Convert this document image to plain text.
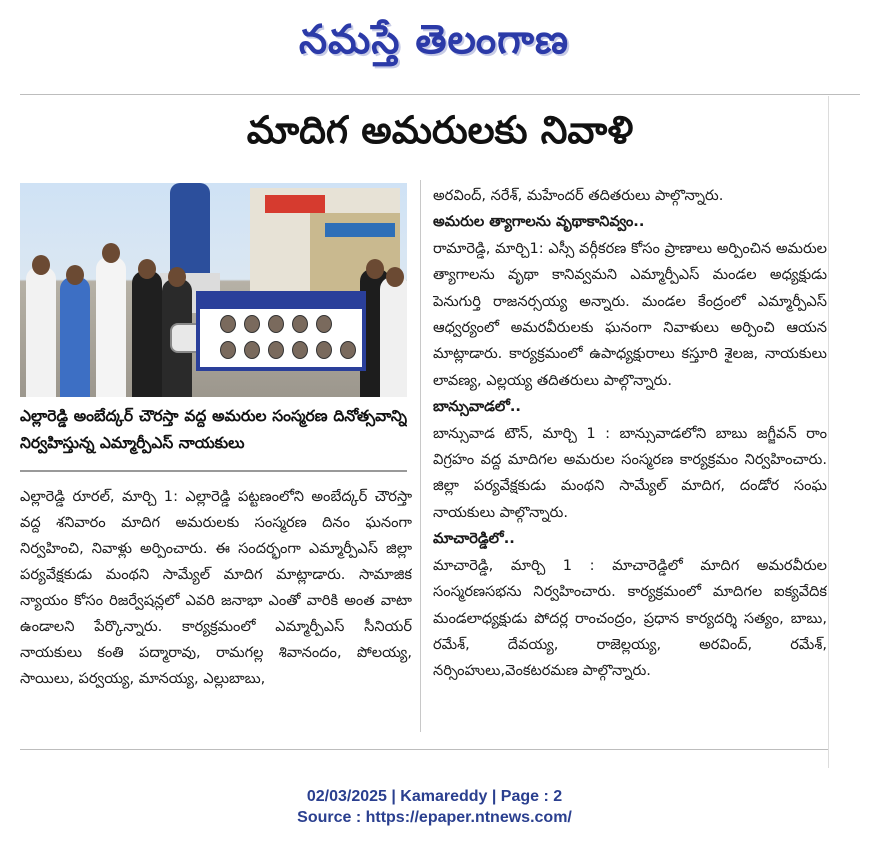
నమస్తే తెలంగాణ
మాదిగ అమరులకు నివాళి
ఎల్లారెడ్డి అంబేద్కర్ చౌరస్తా వద్ద అమరుల సంస్మరణ దినోత్సవాన్ని నిర్వహిస్తున్న ఎమ్మార్పీఎస్ నాయకులు

ఎల్లారెడ్డి రూరల్, మార్చి 1: ఎల్లారెడ్డి పట్టణంలోని అంబేద్కర్ చౌరస్తా వద్ద శనివారం మాదిగ అమరులకు సంస్మరణ దినం ఘనంగా నిర్వహించి, నివాళ్లు అర్పించారు. ఈ సందర్భంగా ఎమ్మార్పీఎస్ జిల్లా పర్యవేక్షకుడు మంథని సామ్యేల్ మాదిగ మాట్లాడారు. సామాజిక న్యాయం కోసం రిజర్వేషన్లలో ఎవరి జనాభా ఎంతో వారికి అంత వాటా ఉండాలని పేర్కొన్నారు. కార్యక్రమంలో ఎమ్మార్పీఎస్ సీనియర్ నాయకులు కంతి పద్మారావు, రామగల్ల శివానందం, పోలయ్య, సాయిలు, పర్వయ్య, మానయ్య, ఎల్లుబాబు,

అరవింద్, నరేశ్, మహేందర్ తదితరులు పాల్గొన్నారు.

అమరుల త్యాగాలను వృథాకానివ్వం..

రామారెడ్డి, మార్చి1: ఎస్సీ వర్గీకరణ కోసం ప్రాణాలు అర్పించిన అమరుల త్యాగాలను వృథా కానివ్వమని ఎమ్మార్పీఎస్ మండల అధ్యక్షుడు పెనుగుర్తి రాజనర్సయ్య అన్నారు. మండల కేంద్రంలో ఎమ్మార్పీఎస్ ఆధ్వర్యంలో అమరవీరులకు ఘనంగా నివాళులు అర్పించి ఆయన మాట్లాడారు. కార్యక్రమంలో ఉపాధ్యక్షురాలు కస్తూరి శైలజ, నాయకులు లావణ్య, ఎల్లయ్య తదితరులు పాల్గొన్నారు.

బాన్సువాడలో..

బాన్సువాడ టౌన్, మార్చి 1 : బాన్సువాడలోని బాబు జగ్జీవన్ రాం విగ్రహం వద్ద మాదిగల అమరుల సంస్మరణ కార్యక్రమం నిర్వహించారు. జిల్లా పర్యవేక్షకుడు మంథని సామ్యేల్ మాదిగ, దండోర సంఘ నాయకులు పాల్గొన్నారు.

మాచారెడ్డిలో..

మాచారెడ్డి, మార్చి 1 : మాచారెడ్డిలో మాదిగ అమరవీరుల సంస్మరణసభను నిర్వహించారు. కార్యక్రమంలో మాదిగల ఐక్యవేదిక మండలాధ్యక్షుడు పోదర్ల రాంచంద్రం, ప్రధాన కార్యదర్శి సత్యం, బాబు, రమేశ్, దేవయ్య, రాజెల్లయ్య, అరవింద్, రమేశ్, నర్సింహులు,వెంకటరమణ పాల్గొన్నారు.

02/03/2025 | Kamareddy | Page : 2
Source : https://epaper.ntnews.com/
